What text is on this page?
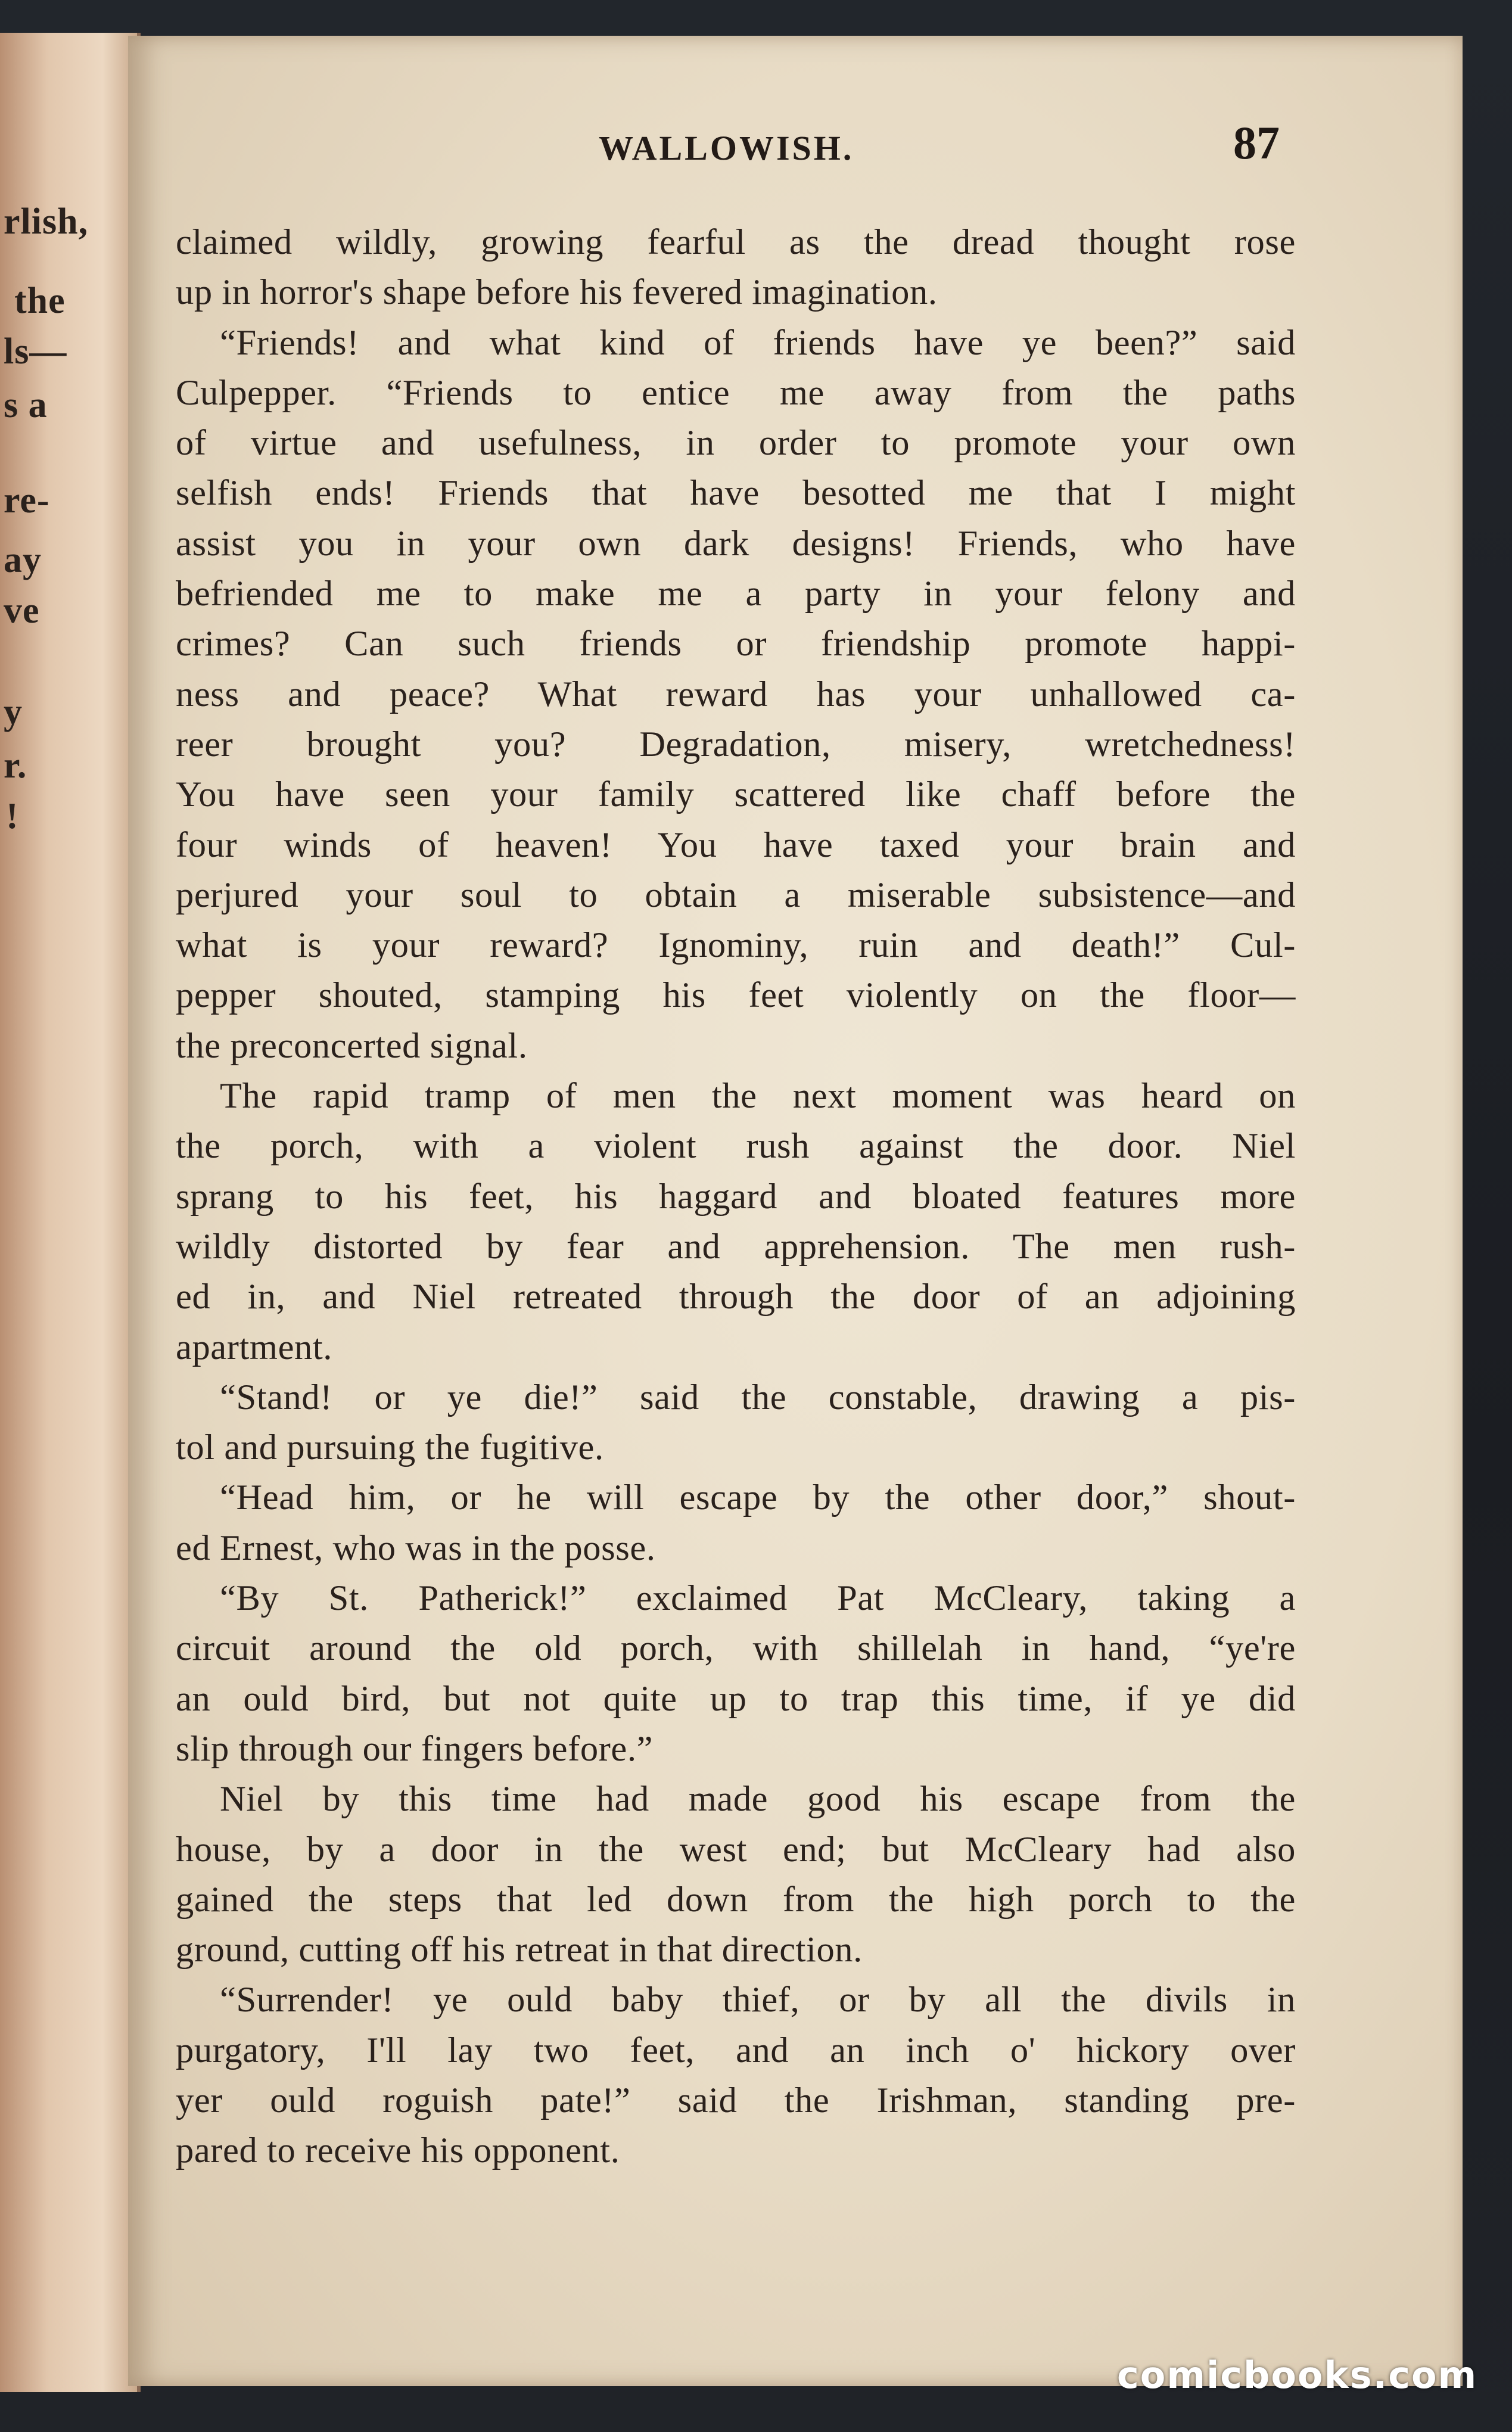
rlish,
the
ls—
s a
re-
ay
ve
y
r.
!
WALLOWISH.	87
claimed wildly, growing fearful as the dread thought rose
up in horror's shape before his fevered imagination.
“Friends! and what kind of friends have ye been?” said
Culpepper. “Friends to entice me away from the paths
of virtue and usefulness, in order to promote your own
selfish ends! Friends that have besotted me that I might
assist you in your own dark designs! Friends, who have
befriended me to make me a party in your felony and
crimes? Can such friends or friendship promote happi-
ness and peace? What reward has your unhallowed ca-
reer brought you? Degradation, misery, wretchedness!
You have seen your family scattered like chaff before the
four winds of heaven! You have taxed your brain and
perjured your soul to obtain a miserable subsistence—and
what is your reward? Ignominy, ruin and death!” Cul-
pepper shouted, stamping his feet violently on the floor—
the preconcerted signal.
The rapid tramp of men the next moment was heard on
the porch, with a violent rush against the door. Niel
sprang to his feet, his haggard and bloated features more
wildly distorted by fear and apprehension. The men rush-
ed in, and Niel retreated through the door of an adjoining
apartment.
“Stand! or ye die!” said the constable, drawing a pis-
tol and pursuing the fugitive.
“Head him, or he will escape by the other door,” shout-
ed Ernest, who was in the posse.
“By St. Patherick!” exclaimed Pat McCleary, taking a
circuit around the old porch, with shillelah in hand, “ye're
an ould bird, but not quite up to trap this time, if ye did
slip through our fingers before.”
Niel by this time had made good his escape from the
house, by a door in the west end; but McCleary had also
gained the steps that led down from the high porch to the
ground, cutting off his retreat in that direction.
“Surrender! ye ould baby thief, or by all the divils in
purgatory, I'll lay two feet, and an inch o' hickory over
yer ould roguish pate!” said the Irishman, standing pre-
pared to receive his opponent.
comicbooks.com
